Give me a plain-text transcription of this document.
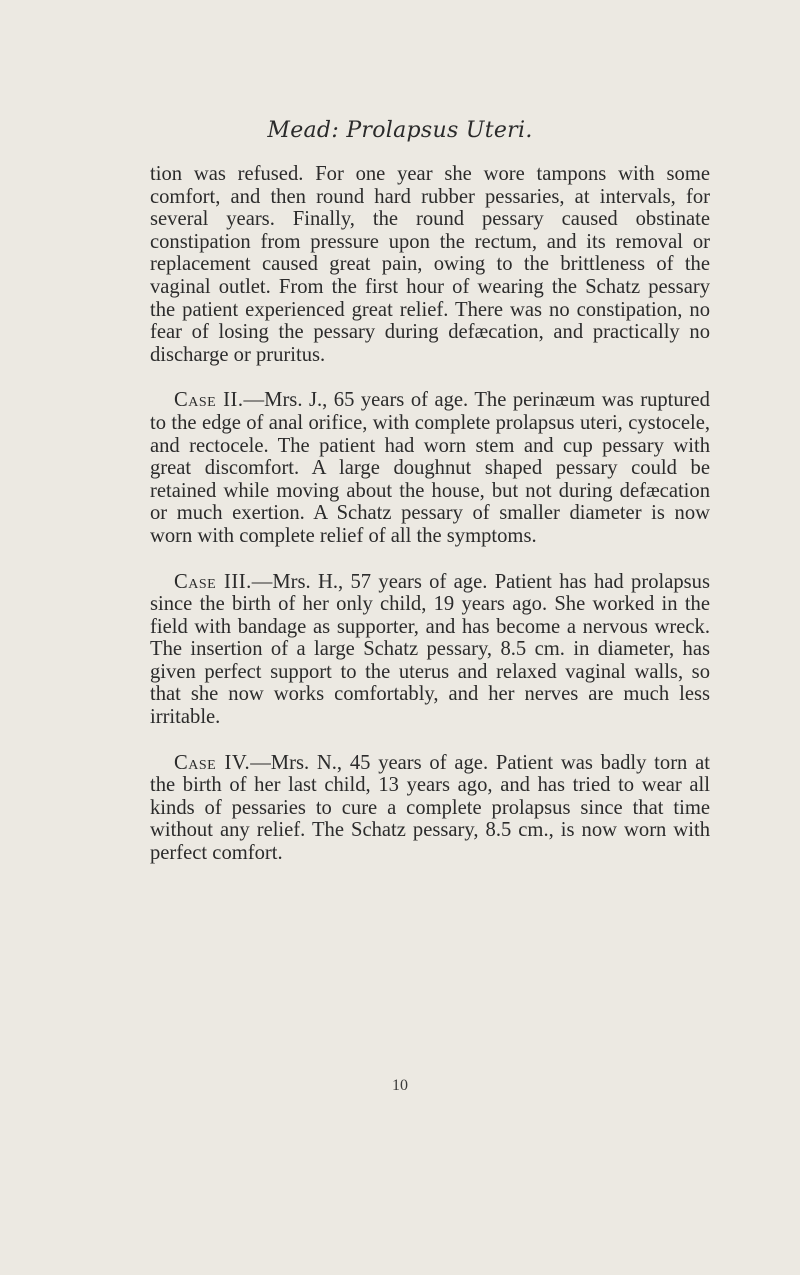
Mead: Prolapsus Uteri.

tion was refused. For one year she wore tampons with some comfort, and then round hard rubber pessaries, at intervals, for several years. Finally, the round pessary caused obstinate constipation from pressure upon the rectum, and its removal or replacement caused great pain, owing to the brittleness of the vaginal outlet. From the first hour of wearing the Schatz pessary the patient experienced great relief. There was no constipation, no fear of losing the pessary during defæcation, and practically no discharge or pruritus.

Case II.—Mrs. J., 65 years of age. The perinæum was ruptured to the edge of anal orifice, with complete prolapsus uteri, cystocele, and rectocele. The patient had worn stem and cup pessary with great discomfort. A large doughnut shaped pessary could be retained while moving about the house, but not during defæcation or much exertion. A Schatz pessary of smaller diameter is now worn with complete relief of all the symptoms.

Case III.—Mrs. H., 57 years of age. Patient has had prolapsus since the birth of her only child, 19 years ago. She worked in the field with bandage as supporter, and has become a nervous wreck. The insertion of a large Schatz pessary, 8.5 cm. in diameter, has given perfect support to the uterus and relaxed vaginal walls, so that she now works comfortably, and her nerves are much less irritable.

Case IV.—Mrs. N., 45 years of age. Patient was badly torn at the birth of her last child, 13 years ago, and has tried to wear all kinds of pessaries to cure a complete prolapsus since that time without any relief. The Schatz pessary, 8.5 cm., is now worn with perfect comfort.

10
